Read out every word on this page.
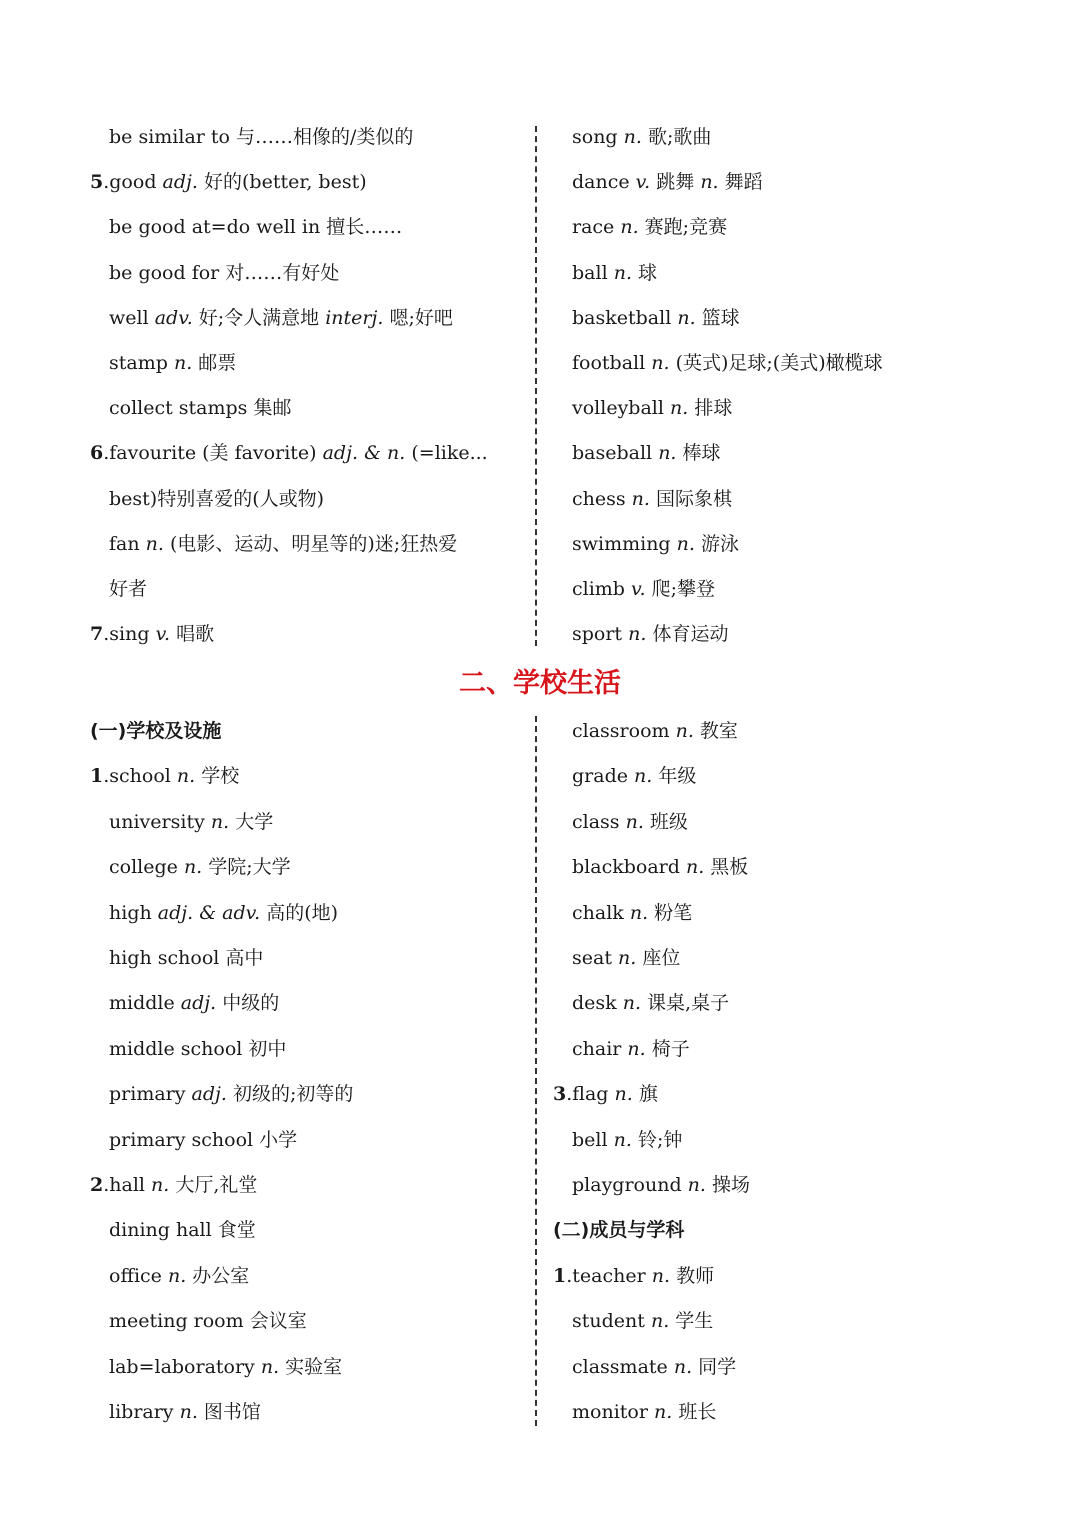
be similar to 与……相像的/类似的
5.good adj. 好的(better, best)
be good at=do well in 擅长……
be good for 对……有好处
well adv. 好;令人满意地 interj. 嗯;好吧
stamp n. 邮票
collect stamps 集邮
6.favourite (美 favorite) adj. & n. (=like...
best)特别喜爱的(人或物)
fan n. (电影、运动、明星等的)迷;狂热爱
好者
7.sing v. 唱歌
song n. 歌;歌曲
dance v. 跳舞 n. 舞蹈
race n. 赛跑;竞赛
ball n. 球
basketball n. 篮球
football n. (英式)足球;(美式)橄榄球
volleyball n. 排球
baseball n. 棒球
chess n. 国际象棋
swimming n. 游泳
climb v. 爬;攀登
sport n. 体育运动
二、学校生活
(一)学校及设施
1.school n. 学校
university n. 大学
college n. 学院;大学
high adj. & adv. 高的(地)
high school 高中
middle adj. 中级的
middle school 初中
primary adj. 初级的;初等的
primary school 小学
2.hall n. 大厅,礼堂
dining hall 食堂
office n. 办公室
meeting room 会议室
lab=laboratory n. 实验室
library n. 图书馆
classroom n. 教室
grade n. 年级
class n. 班级
blackboard n. 黑板
chalk n. 粉笔
seat n. 座位
desk n. 课桌,桌子
chair n. 椅子
3.flag n. 旗
bell n. 铃;钟
playground n. 操场
(二)成员与学科
1.teacher n. 教师
student n. 学生
classmate n. 同学
monitor n. 班长
